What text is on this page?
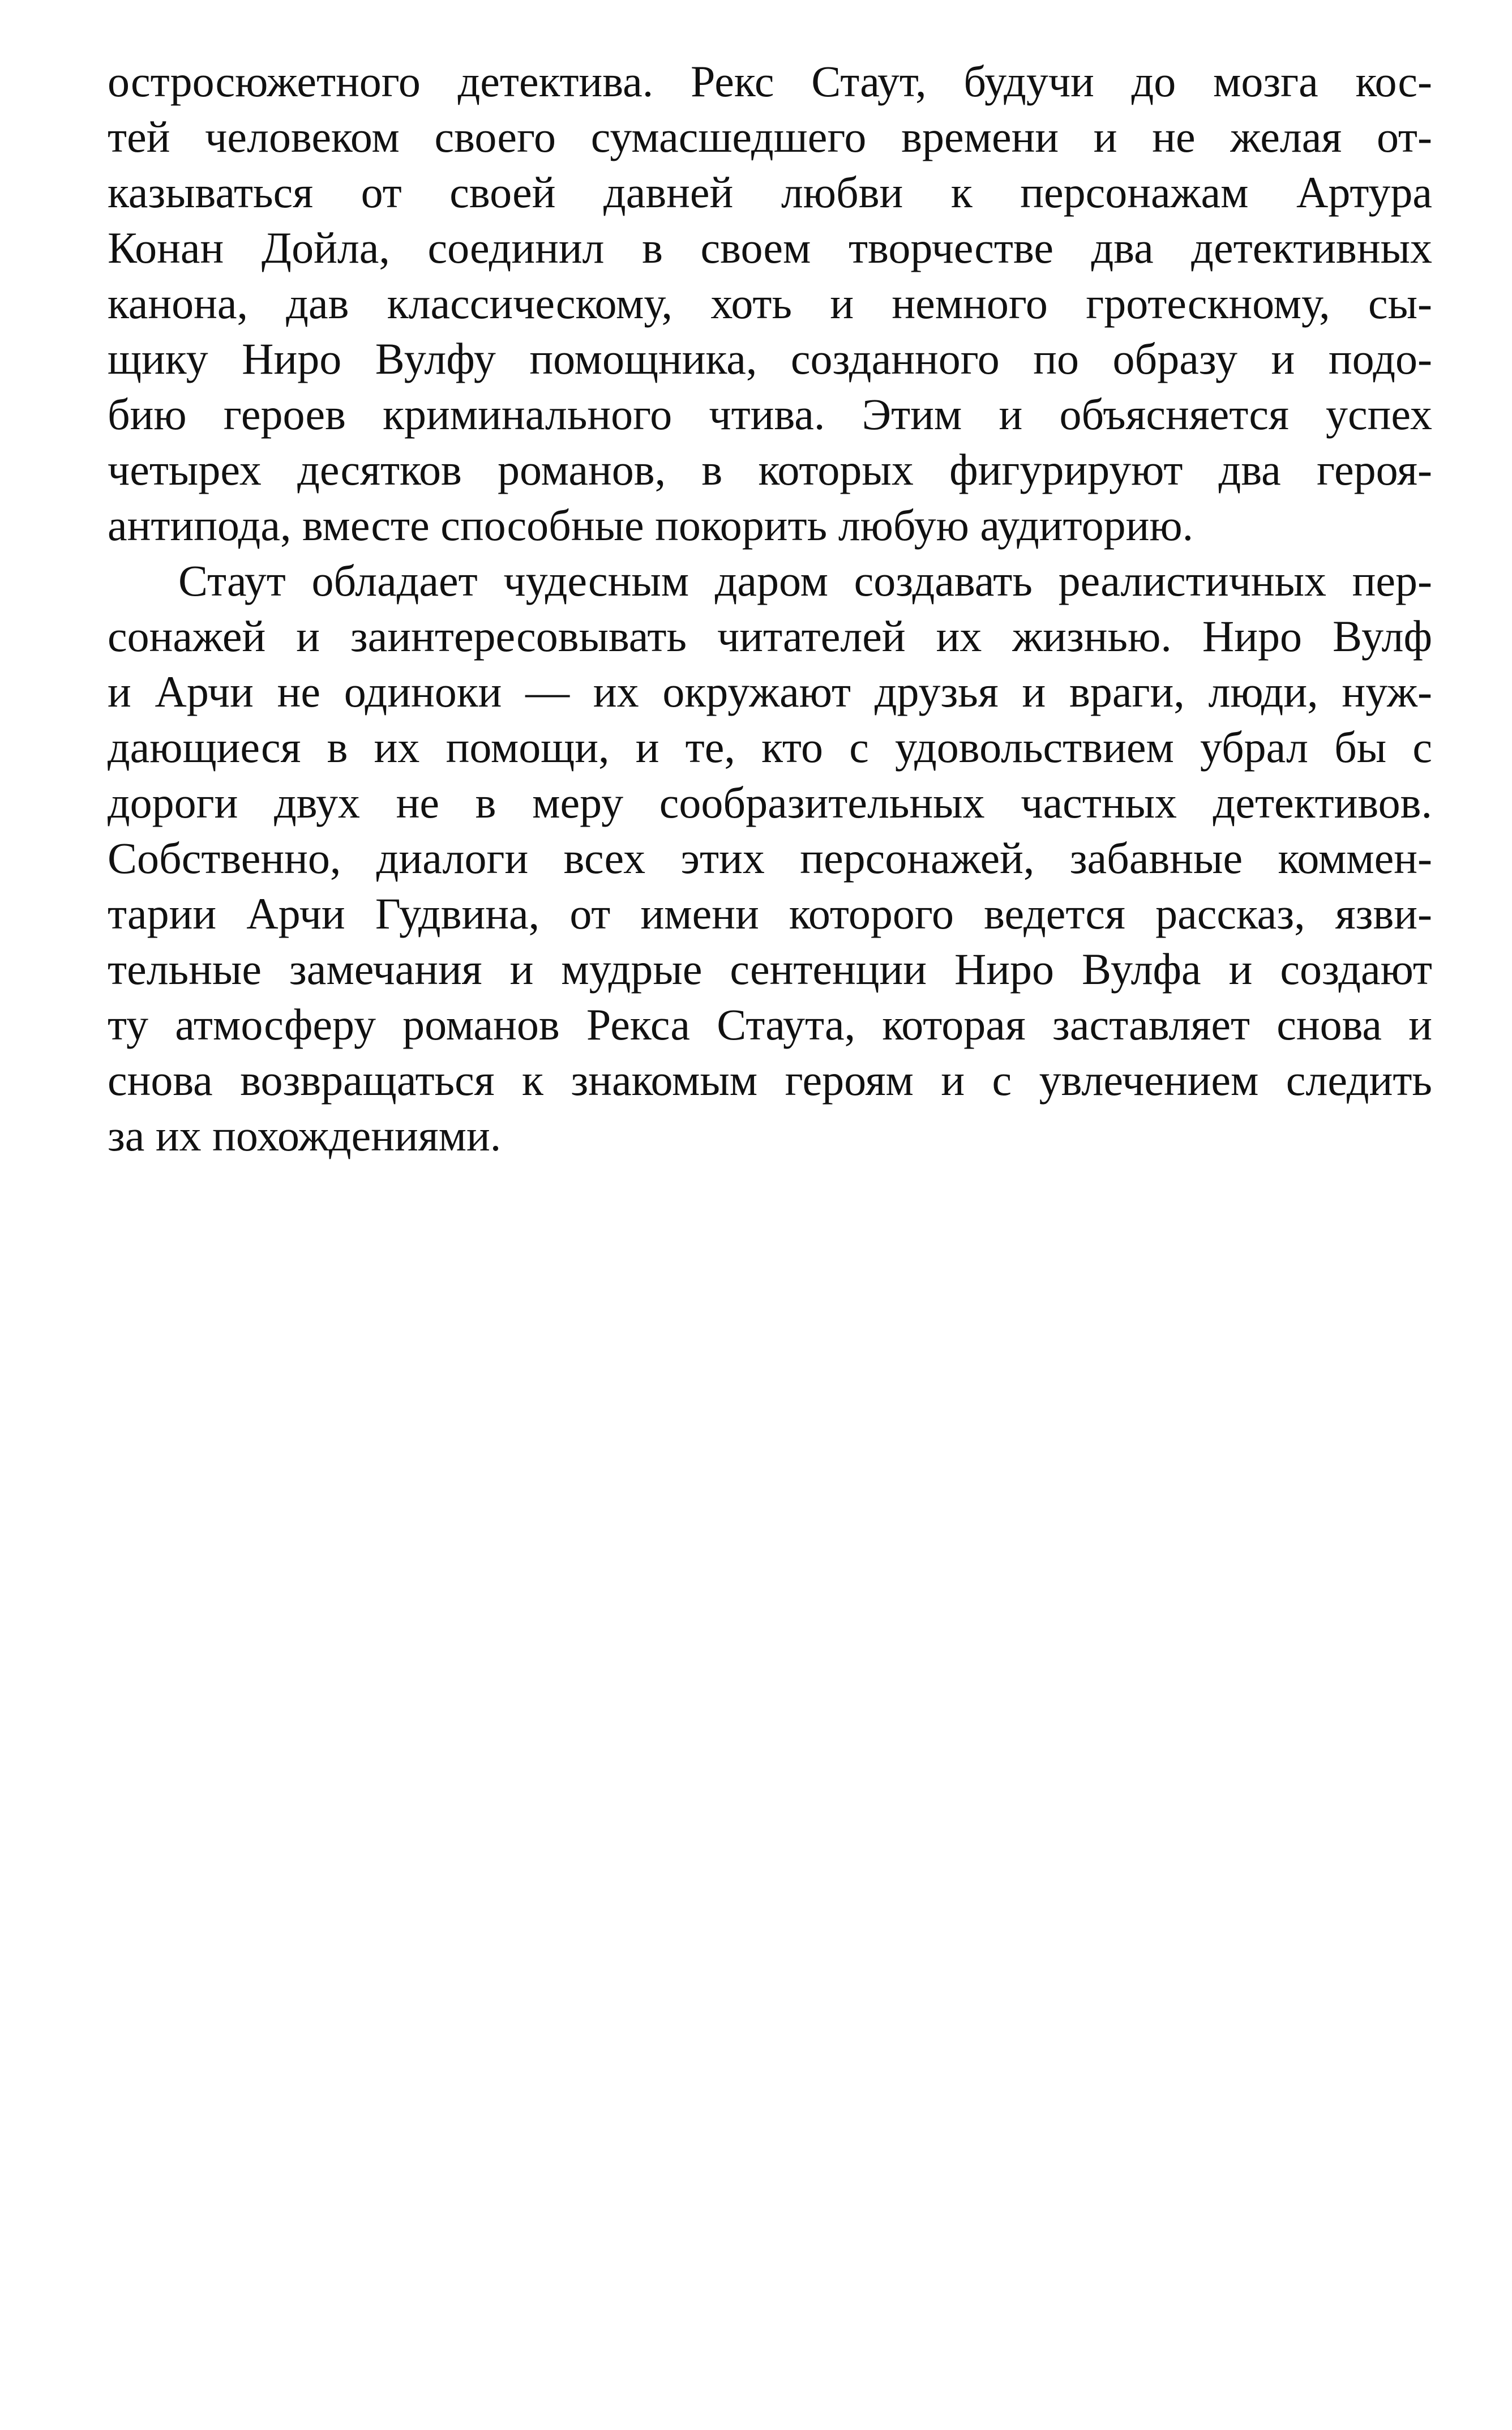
остросюжетного детектива. Рекс Стаут, будучи до мозга кос-
тей человеком своего сумасшедшего времени и не желая от-
казываться от своей давней любви к персонажам Артура
Конан Дойла, соединил в своем творчестве два детективных
канона, дав классическому, хоть и немного гротескному, сы-
щику Ниро Вулфу помощника, созданного по образу и подо-
бию героев криминального чтива. Этим и объясняется успех
четырех десятков романов, в которых фигурируют два героя-
антипода, вместе способные покорить любую аудиторию.
Стаут обладает чудесным даром создавать реалистичных пер-
сонажей и заинтересовывать читателей их жизнью. Ниро Вулф
и Арчи не одиноки — их окружают друзья и враги, люди, нуж-
дающиеся в их помощи, и те, кто с удовольствием убрал бы с
дороги двух не в меру сообразительных частных детективов.
Собственно, диалоги всех этих персонажей, забавные коммен-
тарии Арчи Гудвина, от имени которого ведется рассказ, язви-
тельные замечания и мудрые сентенции Ниро Вулфа и создают
ту атмосферу романов Рекса Стаута, которая заставляет снова и
снова возвращаться к знакомым героям и с увлечением следить
за их похождениями.
